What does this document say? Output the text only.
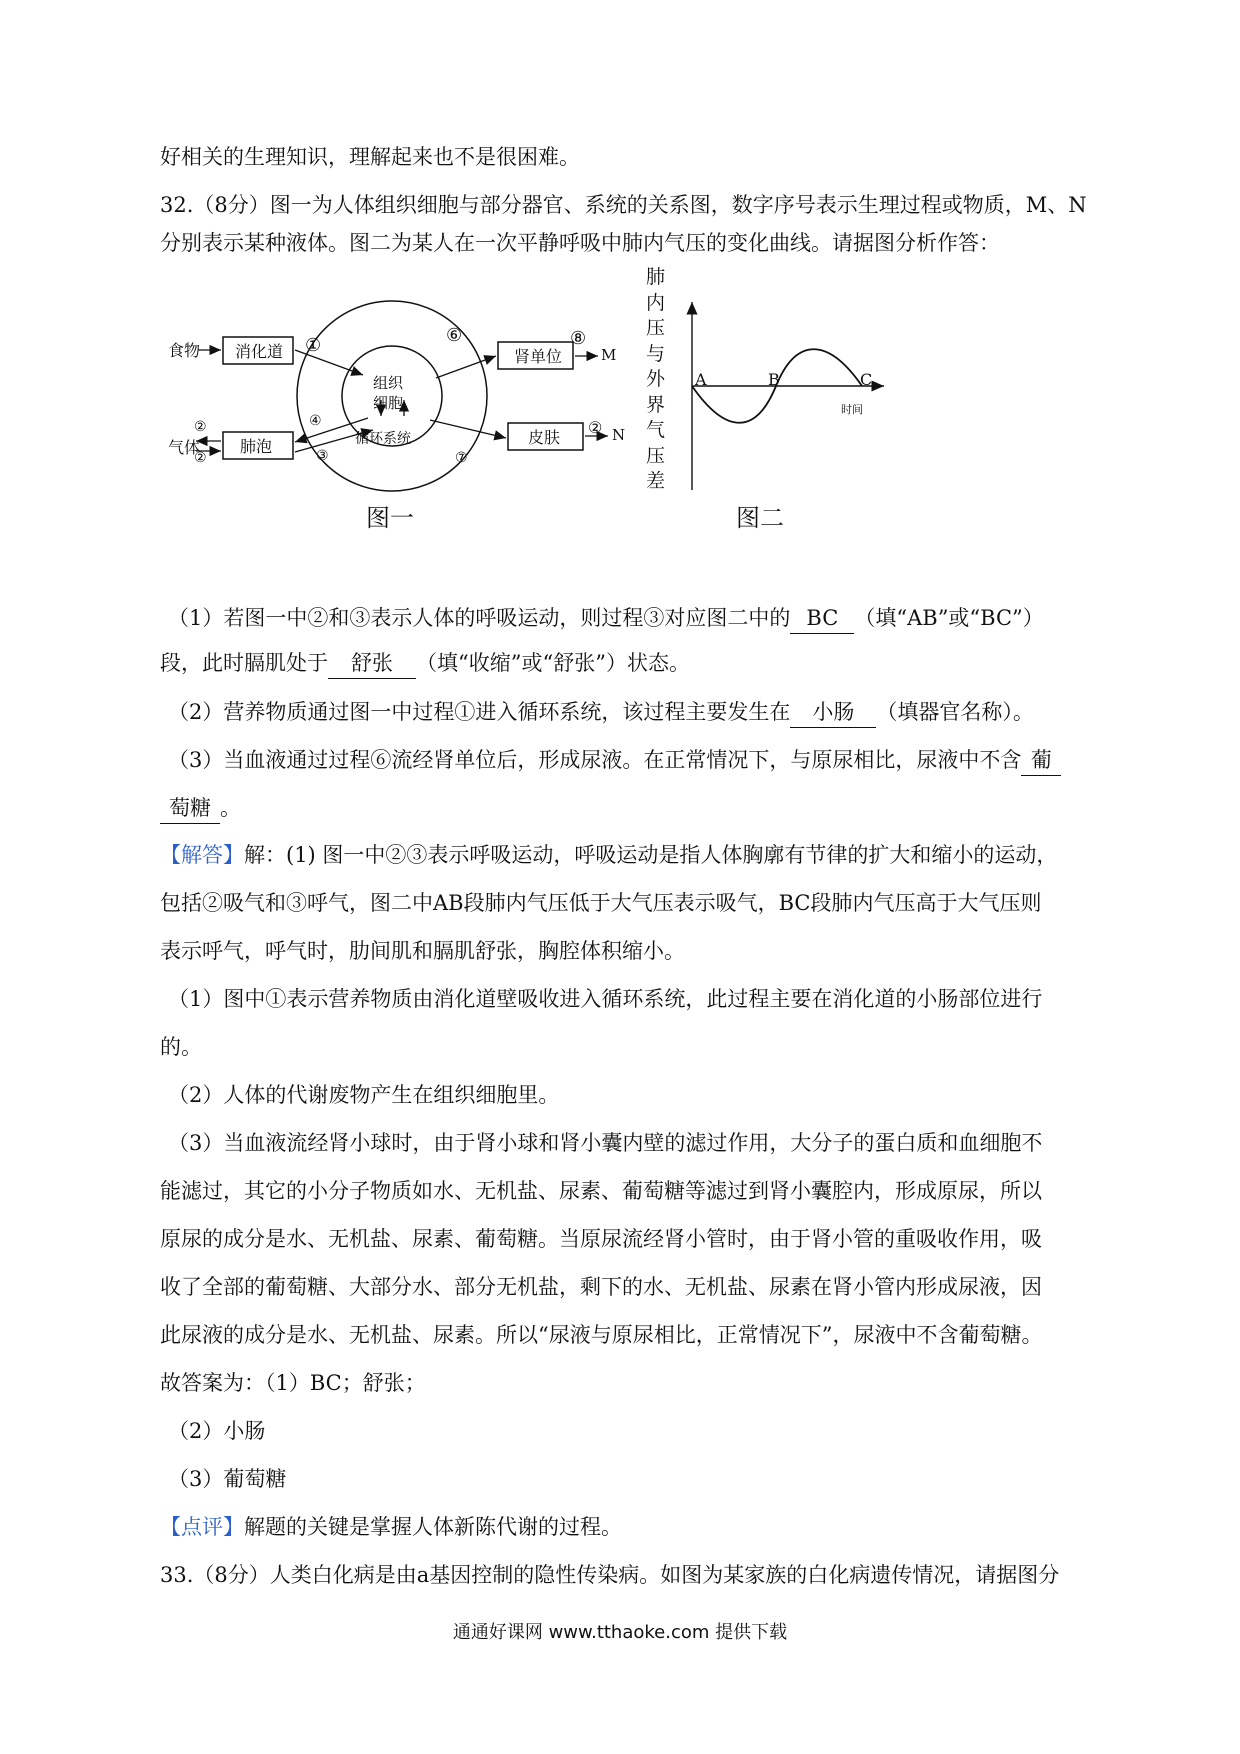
好相关的生理知识，理解起来也不是很困难。
32.（8分）图一为人体组织细胞与部分器官、系统的关系图，数字序号表示生理过程或物质，M、N
分别表示某种液体。图二为某人在一次平静呼吸中肺内气压的变化曲线。请据图分析作答：
食物 消化道
气体 肺泡
组织
细胞
循环系统
肾单位
皮肤
M
N
①
②
②	③
④
⑥
⑦
⑧
②
图一
肺
内
压
与
外
界
气
压
差
A	B	C
时间
图二
（1）若图一中②和③表示人体的呼吸运动，则过程③对应图二中的 BC （填“AB”或“BC”）
段，此时膈肌处于 舒张 （填“收缩”或“舒张”）状态。
（2）营养物质通过图一中过程①进入循环系统，该过程主要发生在 小肠 （填器官名称）。
（3）当血液通过过程⑥流经肾单位后，形成尿液。在正常情况下，与原尿相比，尿液中不含 葡
萄糖 。
【解答】解：(1) 图一中②③表示呼吸运动，呼吸运动是指人体胸廓有节律的扩大和缩小的运动，
包括②吸气和③呼气，图二中AB段肺内气压低于大气压表示吸气，BC段肺内气压高于大气压则
表示呼气，呼气时，肋间肌和膈肌舒张，胸腔体积缩小。
（1）图中①表示营养物质由消化道壁吸收进入循环系统，此过程主要在消化道的小肠部位进行
的。
（2）人体的代谢废物产生在组织细胞里。
（3）当血液流经肾小球时，由于肾小球和肾小囊内壁的滤过作用，大分子的蛋白质和血细胞不
能滤过，其它的小分子物质如水、无机盐、尿素、葡萄糖等滤过到肾小囊腔内，形成原尿，所以
原尿的成分是水、无机盐、尿素、葡萄糖。当原尿流经肾小管时，由于肾小管的重吸收作用，吸
收了全部的葡萄糖、大部分水、部分无机盐，剩下的水、无机盐、尿素在肾小管内形成尿液，因
此尿液的成分是水、无机盐、尿素。所以“尿液与原尿相比，正常情况下”，尿液中不含葡萄糖。
故答案为：（1）BC；舒张；
（2）小肠
（3）葡萄糖
【点评】解题的关键是掌握人体新陈代谢的过程。
33.（8分）人类白化病是由a基因控制的隐性传染病。如图为某家族的白化病遗传情况，请据图分
通通好课网 www.tthaoke.com 提供下载
